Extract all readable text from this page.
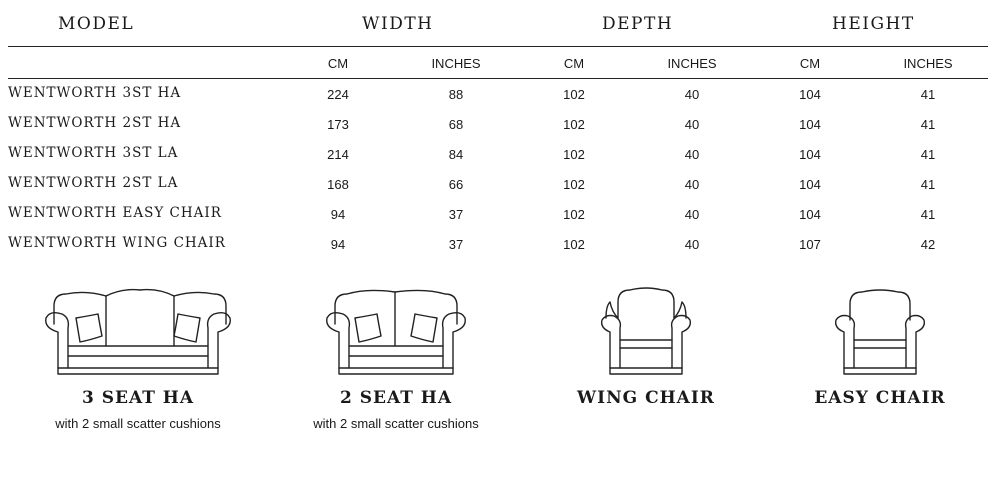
MODEL	WIDTH	DEPTH	HEIGHT
CM	INCHES	CM	INCHES	CM	INCHES
WENTWORTH 3ST HA	224	88	102	40	104	41
WENTWORTH 2ST HA	173	68	102	40	104	41
WENTWORTH 3ST LA	214	84	102	40	104	41
WENTWORTH 2ST LA	168	66	102	40	104	41
WENTWORTH EASY CHAIR	94	37	102	40	104	41
WENTWORTH WING CHAIR	94	37	102	40	107	42
3 SEAT HA
with 2 small scatter cushions
2 SEAT HA
with 2 small scatter cushions
WING CHAIR	EASY CHAIR
